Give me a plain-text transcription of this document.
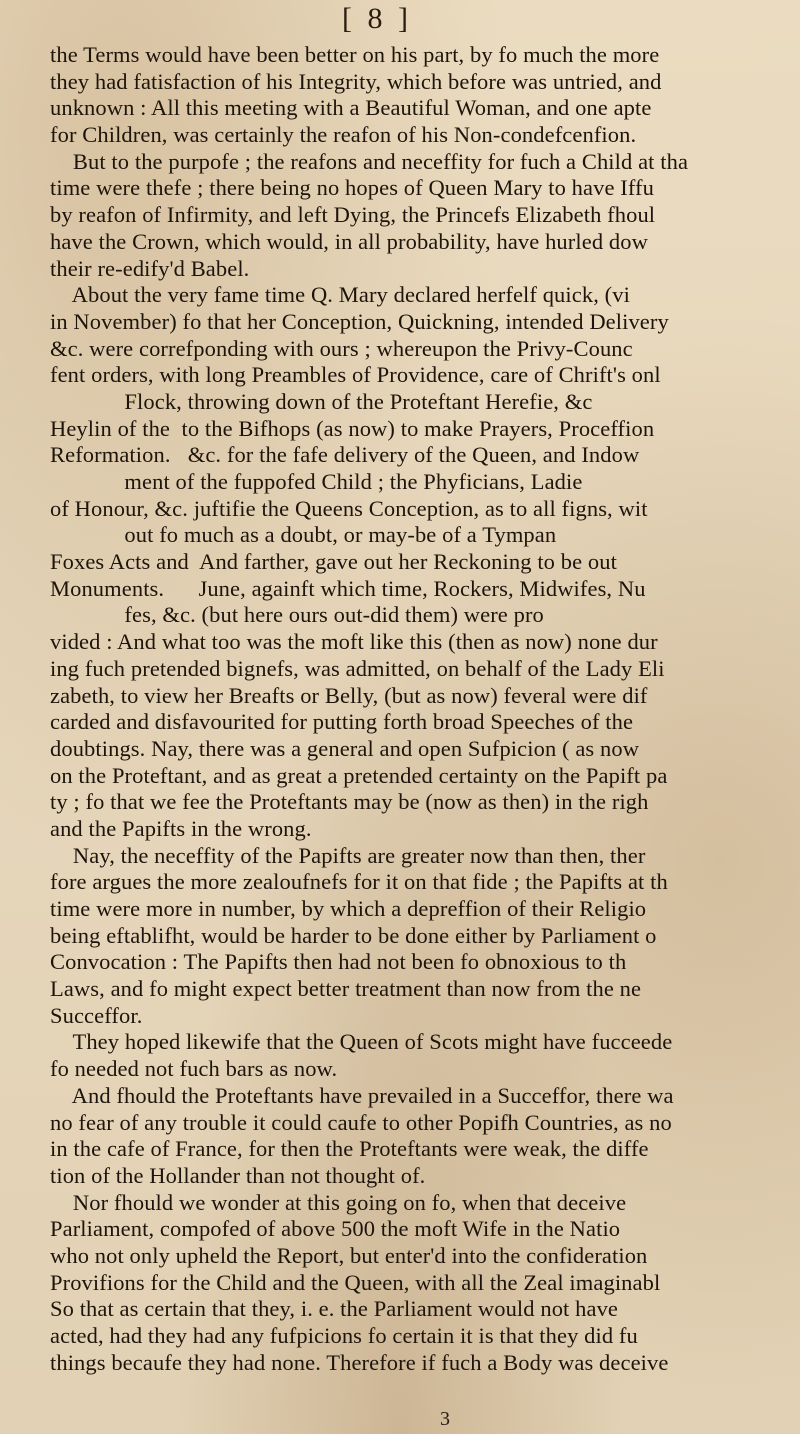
[ 8 ]
the Terms would have been better on his part, by fo much the more
they had fatisfaction of his Integrity, which before was untried, and
unknown : All this meeting with a Beautiful Woman, and one apte
for Children, was certainly the reafon of his Non-condefcenfion.
But to the purpofe ; the reafons and neceffity for fuch a Child at tha
time were thefe ; there being no hopes of Queen Mary to have Iffu
by reafon of Infirmity, and left Dying, the Princefs Elizabeth fhoul
have the Crown, which would, in all probability, have hurled dow
their re-edify'd Babel.
About the very fame time Q. Mary declared herfelf quick, (vi
in November) fo that her Conception, Quickning, intended Delivery
&c. were correfponding with ours ; whereupon the Privy-Counc
fent orders, with long Preambles of Providence, care of Chrift's onl
Flock, throwing down of the Proteftant Herefie, &c
Heylin of the  to the Bifhops (as now) to make Prayers, Proceffion
Reformation.   &c. for the fafe delivery of the Queen, and Indow
ment of the fuppofed Child ; the Phyficians, Ladie
of Honour, &c. juftifie the Queens Conception, as to all figns, wit
out fo much as a doubt, or may-be of a Tympan
Foxes Acts and  And farther, gave out her Reckoning to be out
Monuments.      June, againft which time, Rockers, Midwifes, Nu
fes, &c. (but here ours out-did them) were pro
vided : And what too was the moft like this (then as now) none dur
ing fuch pretended bignefs, was admitted, on behalf of the Lady Eli
zabeth, to view her Breafts or Belly, (but as now) feveral were dif
carded and disfavourited for putting forth broad Speeches of the
doubtings. Nay, there was a general and open Sufpicion ( as now
on the Proteftant, and as great a pretended certainty on the Papift pa
ty ; fo that we fee the Proteftants may be (now as then) in the righ
and the Papifts in the wrong.
Nay, the neceffity of the Papifts are greater now than then, ther
fore argues the more zealoufnefs for it on that fide ; the Papifts at th
time were more in number, by which a depreffion of their Religio
being eftablifht, would be harder to be done either by Parliament o
Convocation : The Papifts then had not been fo obnoxious to th
Laws, and fo might expect better treatment than now from the ne
Succeffor.
They hoped likewife that the Queen of Scots might have fucceede
fo needed not fuch bars as now.
And fhould the Proteftants have prevailed in a Succeffor, there wa
no fear of any trouble it could caufe to other Popifh Countries, as no
in the cafe of France, for then the Proteftants were weak, the diffe
tion of the Hollander than not thought of.
Nor fhould we wonder at this going on fo, when that deceive
Parliament, compofed of above 500 the moft Wife in the Natio
who not only upheld the Report, but enter'd into the confideration
Provifions for the Child and the Queen, with all the Zeal imaginabl
So that as certain that they, i. e. the Parliament would not have
acted, had they had any fufpicions fo certain it is that they did fu
things becaufe they had none. Therefore if fuch a Body was deceive
3
